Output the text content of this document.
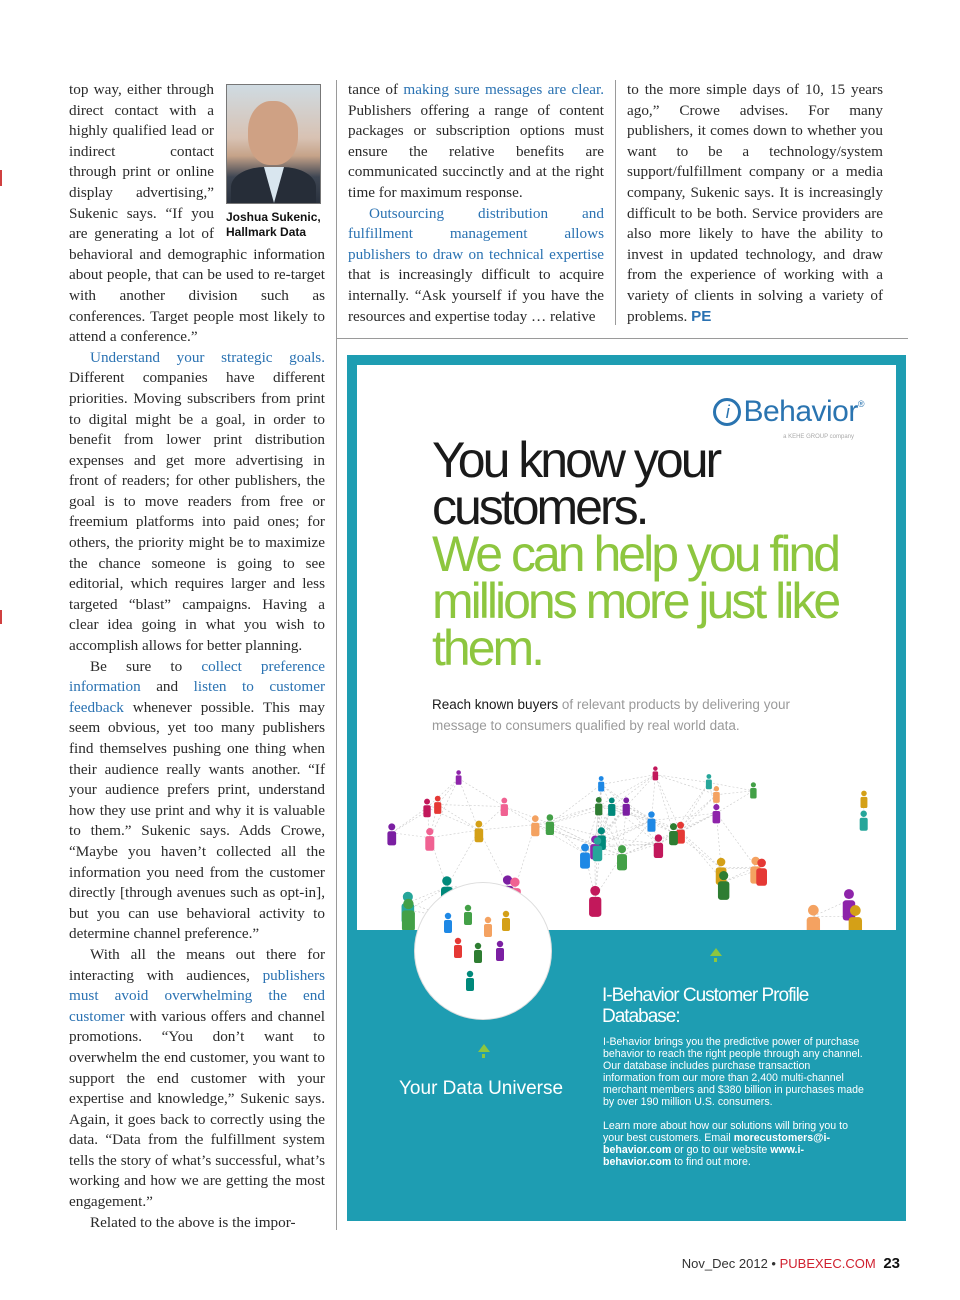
Joshua Sukenic,
Hallmark Data

top way, either through direct contact with a highly qualified lead or indirect contact through print or online display advertising,” Sukenic says. “If you are generating a lot of behavioral and demographic information about people, that can be used to re-target with another division such as conferences. Target people most likely to attend a conference.”

Understand your strategic goals. Different companies have different priorities. Moving subscribers from print to digital might be a goal, in order to benefit from lower print distribution expenses and get more advertising in front of readers; for other publishers, the goal is to move readers from free or freemium platforms into paid ones; for others, the priority might be to maximize the chance someone is going to see editorial, which requires larger and less targeted “blast” campaigns. Having a clear idea going in what you wish to accomplish allows for better planning.

Be sure to collect preference information and listen to customer feedback whenever possible. This may seem obvious, yet too many publishers find themselves pushing one thing when their audience really wants another. “If your audience prefers print, understand how they use print and why it is valuable to them.” Sukenic says. Adds Crowe, “Maybe you haven’t collected all the information you need from the customer directly [through avenues such as opt-in], but you can use behavioral activity to determine channel preference.”

With all the means out there for interacting with audiences, publishers must avoid overwhelming the end customer with various offers and channel promotions. “You don’t want to overwhelm the end customer, you want to support the end customer with your expertise and knowledge,” Sukenic says. Again, it goes back to correctly using the data. “Data from the fulfillment system tells the story of what’s successful, what’s working and how we are getting the most engagement.”

Related to the above is the impor-

tance of making sure messages are clear. Publishers offering a range of content packages or subscription options must ensure the relative benefits are communicated succinctly and at the right time for maximum response.

Outsourcing distribution and fulfillment management allows publishers to draw on technical expertise that is increasingly difficult to acquire internally. “Ask yourself if you have the resources and expertise today … relative

to the more simple days of 10, 15 years ago,” Crowe advises. For many publishers, it comes down to whether you want to be a technology/system support/fulfillment company or a media company, Sukenic says. It is increasingly difficult to be both. Service providers are also more likely to have the ability to invest in updated technology, and draw from the experience of working with a variety of clients in solving a variety of problems. PE

i Behavior®
a KEHE GROUP company

You know your customers.

We can help you find millions more just like them.

Reach known buyers of relevant products by delivering your message to consumers qualified by real world data.
Your Data Universe
I-Behavior Customer Profile Database:

I-Behavior brings you the predictive power of purchase behavior to reach the right people through any channel. Our database includes purchase transaction information from our more than 2,400 multi-channel merchant members and $380 billion in purchases made by over 190 million U.S. consumers.

Learn more about how our solutions will bring you to your best customers. Email morecustomers@i-behavior.com or go to our website www.i-behavior.com to find out more.

Nov_Dec 2012 • PUBEXEC.COM 23
